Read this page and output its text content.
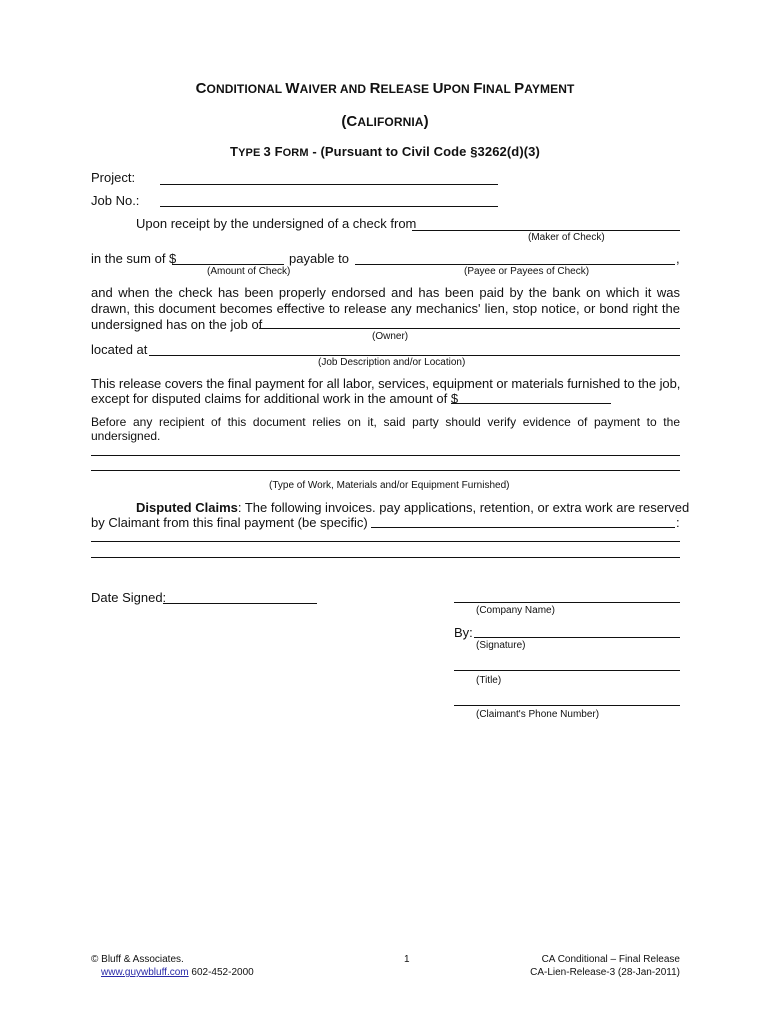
CONDITIONAL WAIVER AND RELEASE UPON FINAL PAYMENT
(CALIFORNIA)
TYPE 3 FORM - (Pursuant to Civil Code §3262(d)(3)
Project:
Job No.:
Upon receipt by the undersigned of a check from
(Maker of Check)
in the sum of $	payable to	,
(Amount of Check)	(Payee or Payees of Check)
and when the check has been properly endorsed and has been paid by the bank on which it was drawn, this document becomes effective to release any mechanics' lien, stop notice, or bond right the undersigned has on the job of
(Owner)
located at
(Job Description and/or Location)
This release covers the final payment for all labor, services, equipment or materials furnished to the job,
except for disputed claims for additional work in the amount of $
Before any recipient of this document relies on it, said party should verify evidence of payment to the undersigned.
(Type of Work, Materials and/or Equipment Furnished)
Disputed Claims: The following invoices. pay applications, retention, or extra work are reserved
by Claimant from this final payment (be specific)	:
Date Signed:
(Company Name)
By:
(Signature)
(Title)
(Claimant's Phone Number)
© Bluff & Associates.
www.guywbluff.com 602-452-2000
1	CA Conditional – Final Release
CA-Lien-Release-3 (28-Jan-2011)
